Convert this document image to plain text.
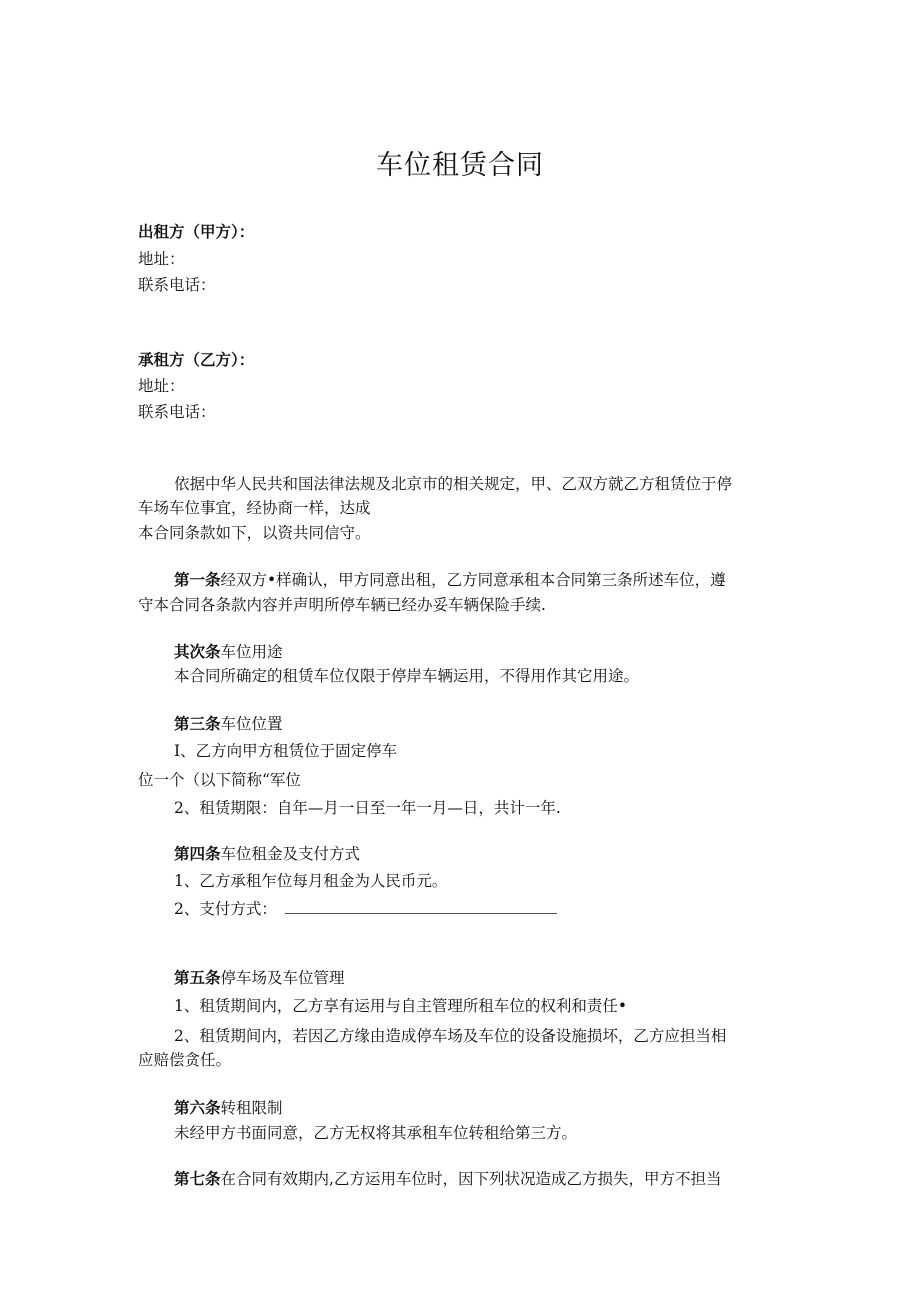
车位租赁合同
出租方（甲方）：
地址：
联系电话：
承租方（乙方）：
地址：
联系电话：
依据中华人民共和国法律法规及北京市的相关规定，甲、乙双方就乙方租赁位于停
车场车位事宜，经协商一样，达成
本合同条款如下，以资共同信守。
第一条经双方•样确认，甲方同意出租，乙方同意承租本合同第三条所述车位，遵
守本合同各条款内容并声明所停车辆已经办妥车辆保险手续.
其次条车位用途
本合同所确定的租赁车位仅限于停岸车辆运用，不得用作其它用途。
第三条车位位置
I、乙方向甲方租赁位于固定停车
位一个（以下简称“军位
2、租赁期限：自年—月一日至一年一月—日，共计一年.
第四条车位租金及支付方式
1、乙方承租乍位每月租金为人民币元。
2、支付方式：
第五条停车场及车位管理
1、租赁期间内，乙方享有运用与自主管理所租车位的权利和责任•
2、租赁期间内，若因乙方缘由造成停车场及车位的设备设施损坏，乙方应担当相
应赔偿贪任。
第六条转租限制
未经甲方书面同意，乙方无权将其承租车位转租给第三方。
第七条在合同有效期内,乙方运用车位时，因下列状况造成乙方损失，甲方不担当
